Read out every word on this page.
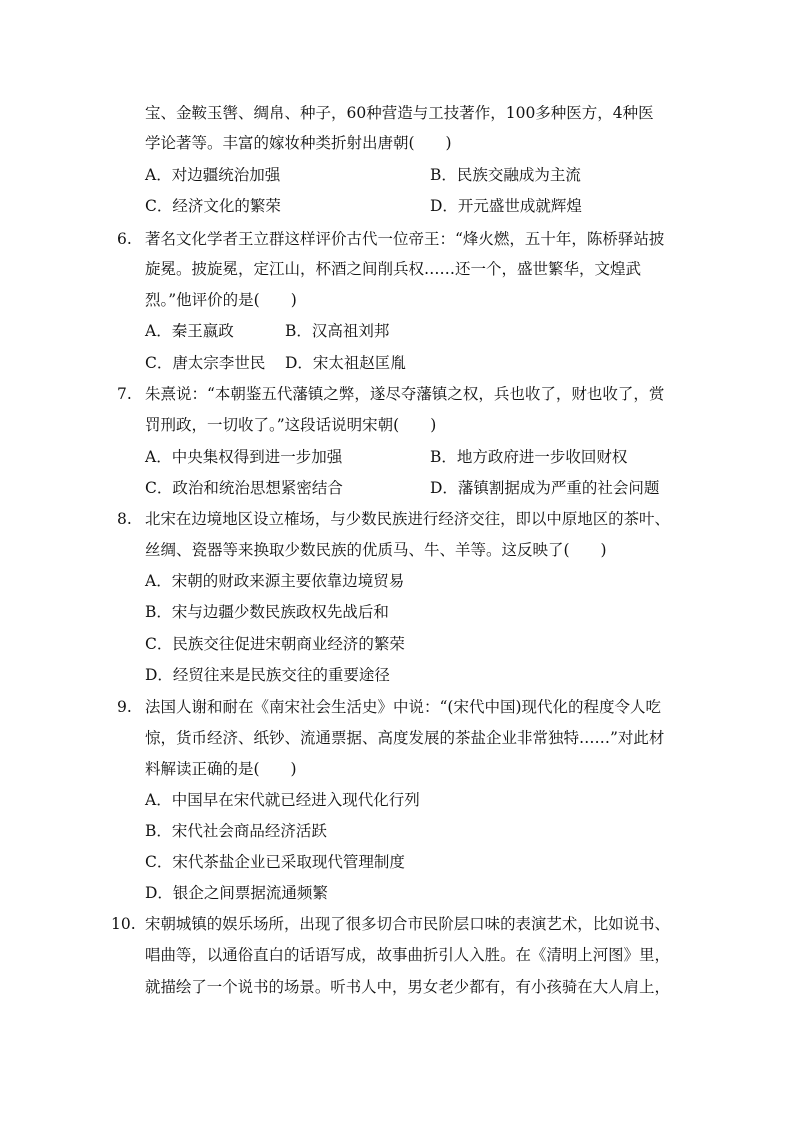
宝、金鞍玉辔、绸帛、种子，60种营造与工技著作，100多种医方，4种医
学论著等。丰富的嫁妆种类折射出唐朝(　　)
A．对边疆统治加强	B．民族交融成为主流
C．经济文化的繁荣	D．开元盛世成就辉煌
6. 著名文化学者王立群这样评价古代一位帝王：“烽火燃，五十年，陈桥驿站披
旋冕。披旋冕，定江山，杯酒之间削兵权……还一个，盛世繁华，文煌武
烈。”他评价的是(　　)
A．秦王嬴政	B．汉高祖刘邦
C．唐太宗李世民 D．宋太祖赵匡胤
7. 朱熹说：“本朝鉴五代藩镇之弊，遂尽夺藩镇之权，兵也收了，财也收了，赏
罚刑政，一切收了。”这段话说明宋朝(　　)
A．中央集权得到进一步加强	B．地方政府进一步收回财权
C．政治和统治思想紧密结合	D．藩镇割据成为严重的社会问题
8. 北宋在边境地区设立榷场，与少数民族进行经济交往，即以中原地区的茶叶、
丝绸、瓷器等来换取少数民族的优质马、牛、羊等。这反映了(　　)
A．宋朝的财政来源主要依靠边境贸易
B．宋与边疆少数民族政权先战后和
C．民族交往促进宋朝商业经济的繁荣
D．经贸往来是民族交往的重要途径
9. 法国人谢和耐在《南宋社会生活史》中说：“(宋代中国)现代化的程度令人吃
惊，货币经济、纸钞、流通票据、高度发展的茶盐企业非常独特……”对此材
料解读正确的是(　　)
A．中国早在宋代就已经进入现代化行列
B．宋代社会商品经济活跃
C．宋代茶盐企业已采取现代管理制度
D．银企之间票据流通频繁
10. 宋朝城镇的娱乐场所，出现了很多切合市民阶层口味的表演艺术，比如说书、
唱曲等，以通俗直白的话语写成，故事曲折引人入胜。在《清明上河图》里，
就描绘了一个说书的场景。听书人中，男女老少都有，有小孩骑在大人肩上，
